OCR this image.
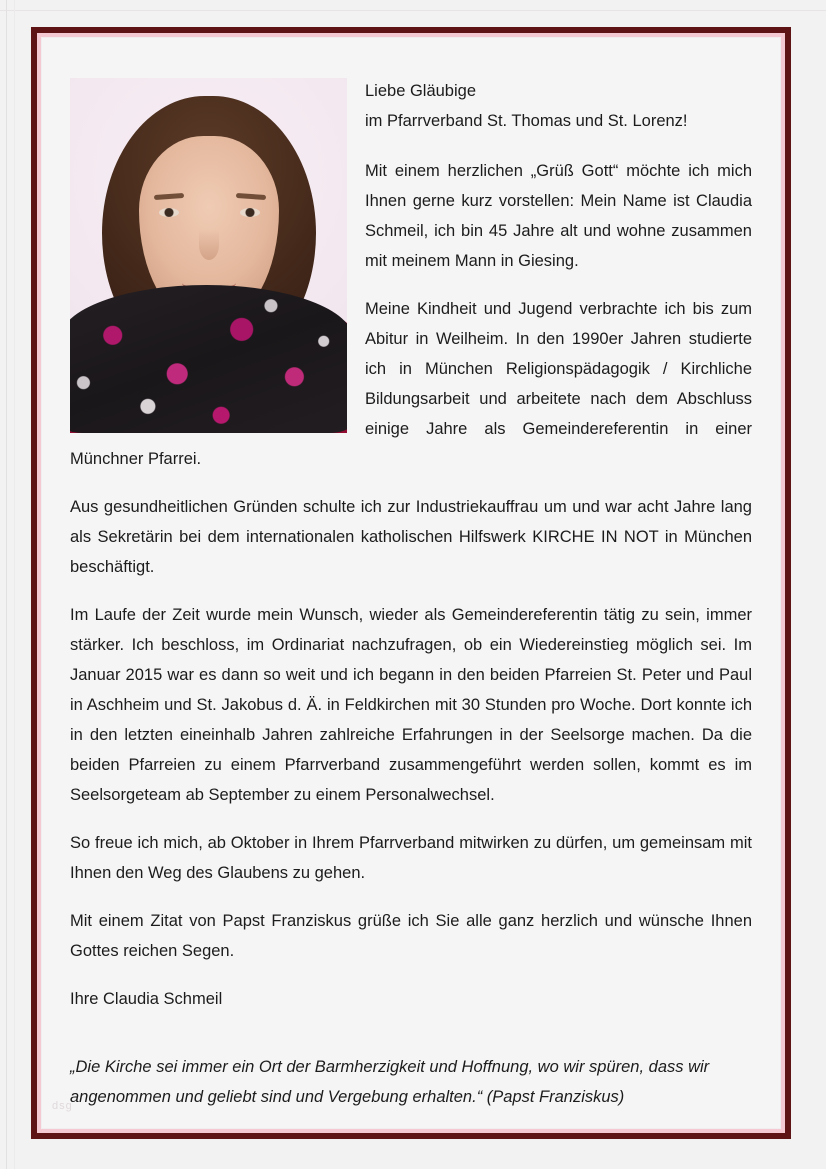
Liebe Gläubige
im Pfarrverband St. Thomas und St. Lorenz!

Mit einem herzlichen „Grüß Gott“ möchte ich mich Ihnen gerne kurz vorstellen: Mein Name ist Claudia Schmeil, ich bin 45 Jahre alt und wohne zusammen mit meinem Mann in Giesing.

Meine Kindheit und Jugend verbrachte ich bis zum Abitur in Weilheim. In den 1990er Jahren studierte ich in München Religionspädagogik / Kirchliche Bildungsarbeit und arbeitete nach dem Abschluss einige Jahre als Gemeindereferentin in einer Münchner Pfarrei.

Aus gesundheitlichen Gründen schulte ich zur Industriekauffrau um und war acht Jahre lang als Sekretärin bei dem internationalen katholischen Hilfswerk KIRCHE IN NOT in München beschäftigt.

Im Laufe der Zeit wurde mein Wunsch, wieder als Gemeindereferentin tätig zu sein, immer stärker. Ich beschloss, im Ordinariat nachzufragen, ob ein Wiedereinstieg möglich sei. Im Januar 2015 war es dann so weit und ich begann in den beiden Pfarreien St. Peter und Paul in Aschheim und St. Jakobus d. Ä. in Feldkirchen mit 30 Stunden pro Woche. Dort konnte ich in den letzten eineinhalb Jahren zahlreiche Erfahrungen in der Seelsorge machen. Da die beiden Pfarreien zu einem Pfarrverband zusammengeführt werden sollen, kommt es im Seelsorgeteam ab September zu einem Personalwechsel.

So freue ich mich, ab Oktober in Ihrem Pfarrverband mitwirken zu dürfen, um gemeinsam mit Ihnen den Weg des Glaubens zu gehen.

Mit einem Zitat von Papst Franziskus grüße ich Sie alle ganz herzlich und wünsche Ihnen Gottes reichen Segen.

Ihre Claudia Schmeil

„Die Kirche sei immer ein Ort der Barmherzigkeit und Hoffnung, wo wir spüren, dass wir angenommen und geliebt sind und Vergebung erhalten.“ (Papst Franziskus)

dsg
